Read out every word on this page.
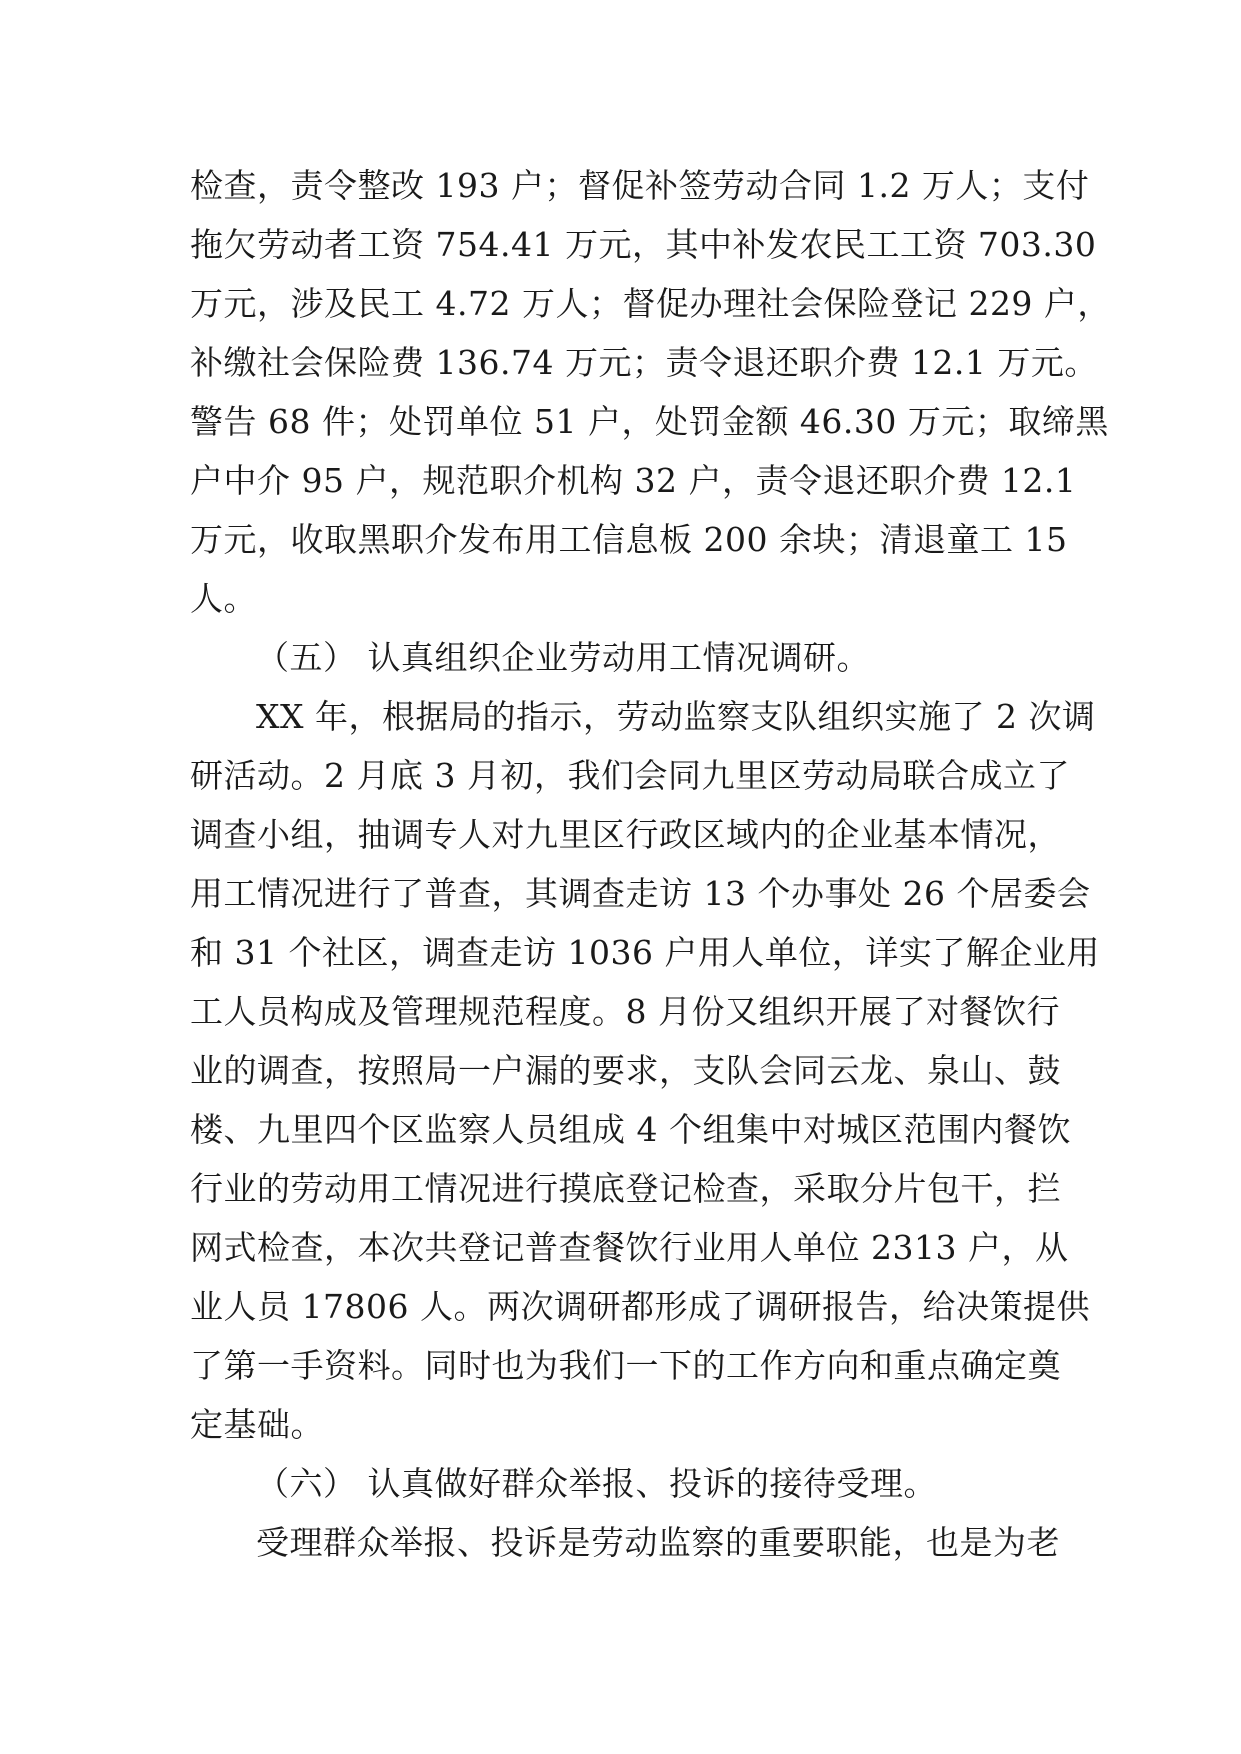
检查，责令整改 193 户；督促补签劳动合同 1.2 万人；支付
拖欠劳动者工资 754.41 万元，其中补发农民工工资 703.30
万元，涉及民工 4.72 万人；督促办理社会保险登记 229 户，
补缴社会保险费 136.74 万元；责令退还职介费 12.1 万元。
警告 68 件；处罚单位 51 户，处罚金额 46.30 万元；取缔黑
户中介 95 户，规范职介机构 32 户，责令退还职介费 12.1
万元，收取黑职介发布用工信息板 200 余块；清退童工 15
人。

（五） 认真组织企业劳动用工情况调研。

XX 年，根据局的指示，劳动监察支队组织实施了 2 次调
研活动。2 月底 3 月初，我们会同九里区劳动局联合成立了
调查小组，抽调专人对九里区行政区域内的企业基本情况，
用工情况进行了普查，其调查走访 13 个办事处 26 个居委会
和 31 个社区，调查走访 1036 户用人单位，详实了解企业用
工人员构成及管理规范程度。8 月份又组织开展了对餐饮行
业的调查，按照局一户漏的要求，支队会同云龙、泉山、鼓
楼、九里四个区监察人员组成 4 个组集中对城区范围内餐饮
行业的劳动用工情况进行摸底登记检查，采取分片包干，拦
网式检查，本次共登记普查餐饮行业用人单位 2313 户，从
业人员 17806 人。两次调研都形成了调研报告，给决策提供
了第一手资料。同时也为我们一下的工作方向和重点确定奠
定基础。

（六） 认真做好群众举报、投诉的接待受理。

受理群众举报、投诉是劳动监察的重要职能，也是为老
